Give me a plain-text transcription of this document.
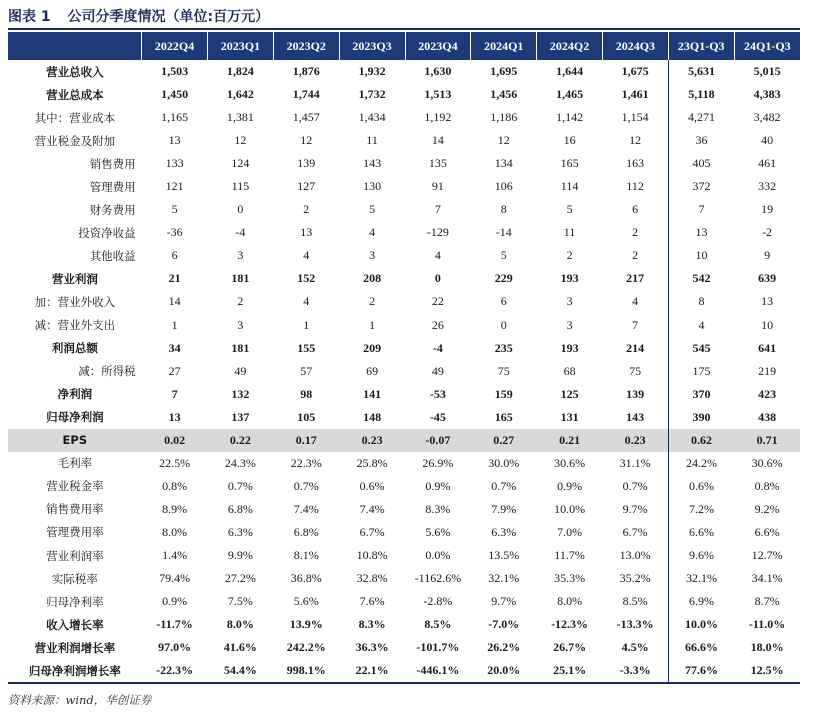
图表 1 公司分季度情况（单位:百万元）
	2022Q4	2023Q1	2023Q2	2023Q3	2023Q4	2024Q1	2024Q2	2024Q3	23Q1-Q3	24Q1-Q3
营业总收入	1,503	1,824	1,876	1,932	1,630	1,695	1,644	1,675	5,631	5,015
营业总成本	1,450	1,642	1,744	1,732	1,513	1,456	1,465	1,461	5,118	4,383
其中：营业成本	1,165	1,381	1,457	1,434	1,192	1,186	1,142	1,154	4,271	3,482
营业税金及附加	13	12	12	11	14	12	16	12	36	40
销售费用	133	124	139	143	135	134	165	163	405	461
管理费用	121	115	127	130	91	106	114	112	372	332
财务费用	5	0	2	5	7	8	5	6	7	19
投资净收益	-36	-4	13	4	-129	-14	11	2	13	-2
其他收益	6	3	4	3	4	5	2	2	10	9
营业利润	21	181	152	208	0	229	193	217	542	639
加：营业外收入	14	2	4	2	22	6	3	4	8	13
减：营业外支出	1	3	1	1	26	0	3	7	4	10
利润总额	34	181	155	209	-4	235	193	214	545	641
减：所得税	27	49	57	69	49	75	68	75	175	219
净利润	7	132	98	141	-53	159	125	139	370	423
归母净利润	13	137	105	148	-45	165	131	143	390	438
EPS	0.02	0.22	0.17	0.23	-0.07	0.27	0.21	0.23	0.62	0.71
毛利率	22.5%	24.3%	22.3%	25.8%	26.9%	30.0%	30.6%	31.1%	24.2%	30.6%
营业税金率	0.8%	0.7%	0.7%	0.6%	0.9%	0.7%	0.9%	0.7%	0.6%	0.8%
销售费用率	8.9%	6.8%	7.4%	7.4%	8.3%	7.9%	10.0%	9.7%	7.2%	9.2%
管理费用率	8.0%	6.3%	6.8%	6.7%	5.6%	6.3%	7.0%	6.7%	6.6%	6.6%
营业利润率	1.4%	9.9%	8.1%	10.8%	0.0%	13.5%	11.7%	13.0%	9.6%	12.7%
实际税率	79.4%	27.2%	36.8%	32.8%	-1162.6%	32.1%	35.3%	35.2%	32.1%	34.1%
归母净利率	0.9%	7.5%	5.6%	7.6%	-2.8%	9.7%	8.0%	8.5%	6.9%	8.7%
收入增长率	-11.7%	8.0%	13.9%	8.3%	8.5%	-7.0%	-12.3%	-13.3%	10.0%	-11.0%
营业利润增长率	97.0%	41.6%	242.2%	36.3%	-101.7%	26.2%	26.7%	4.5%	66.6%	18.0%
归母净利润增长率	-22.3%	54.4%	998.1%	22.1%	-446.1%	20.0%	25.1%	-3.3%	77.6%	12.5%
资料来源：wind，华创证券
